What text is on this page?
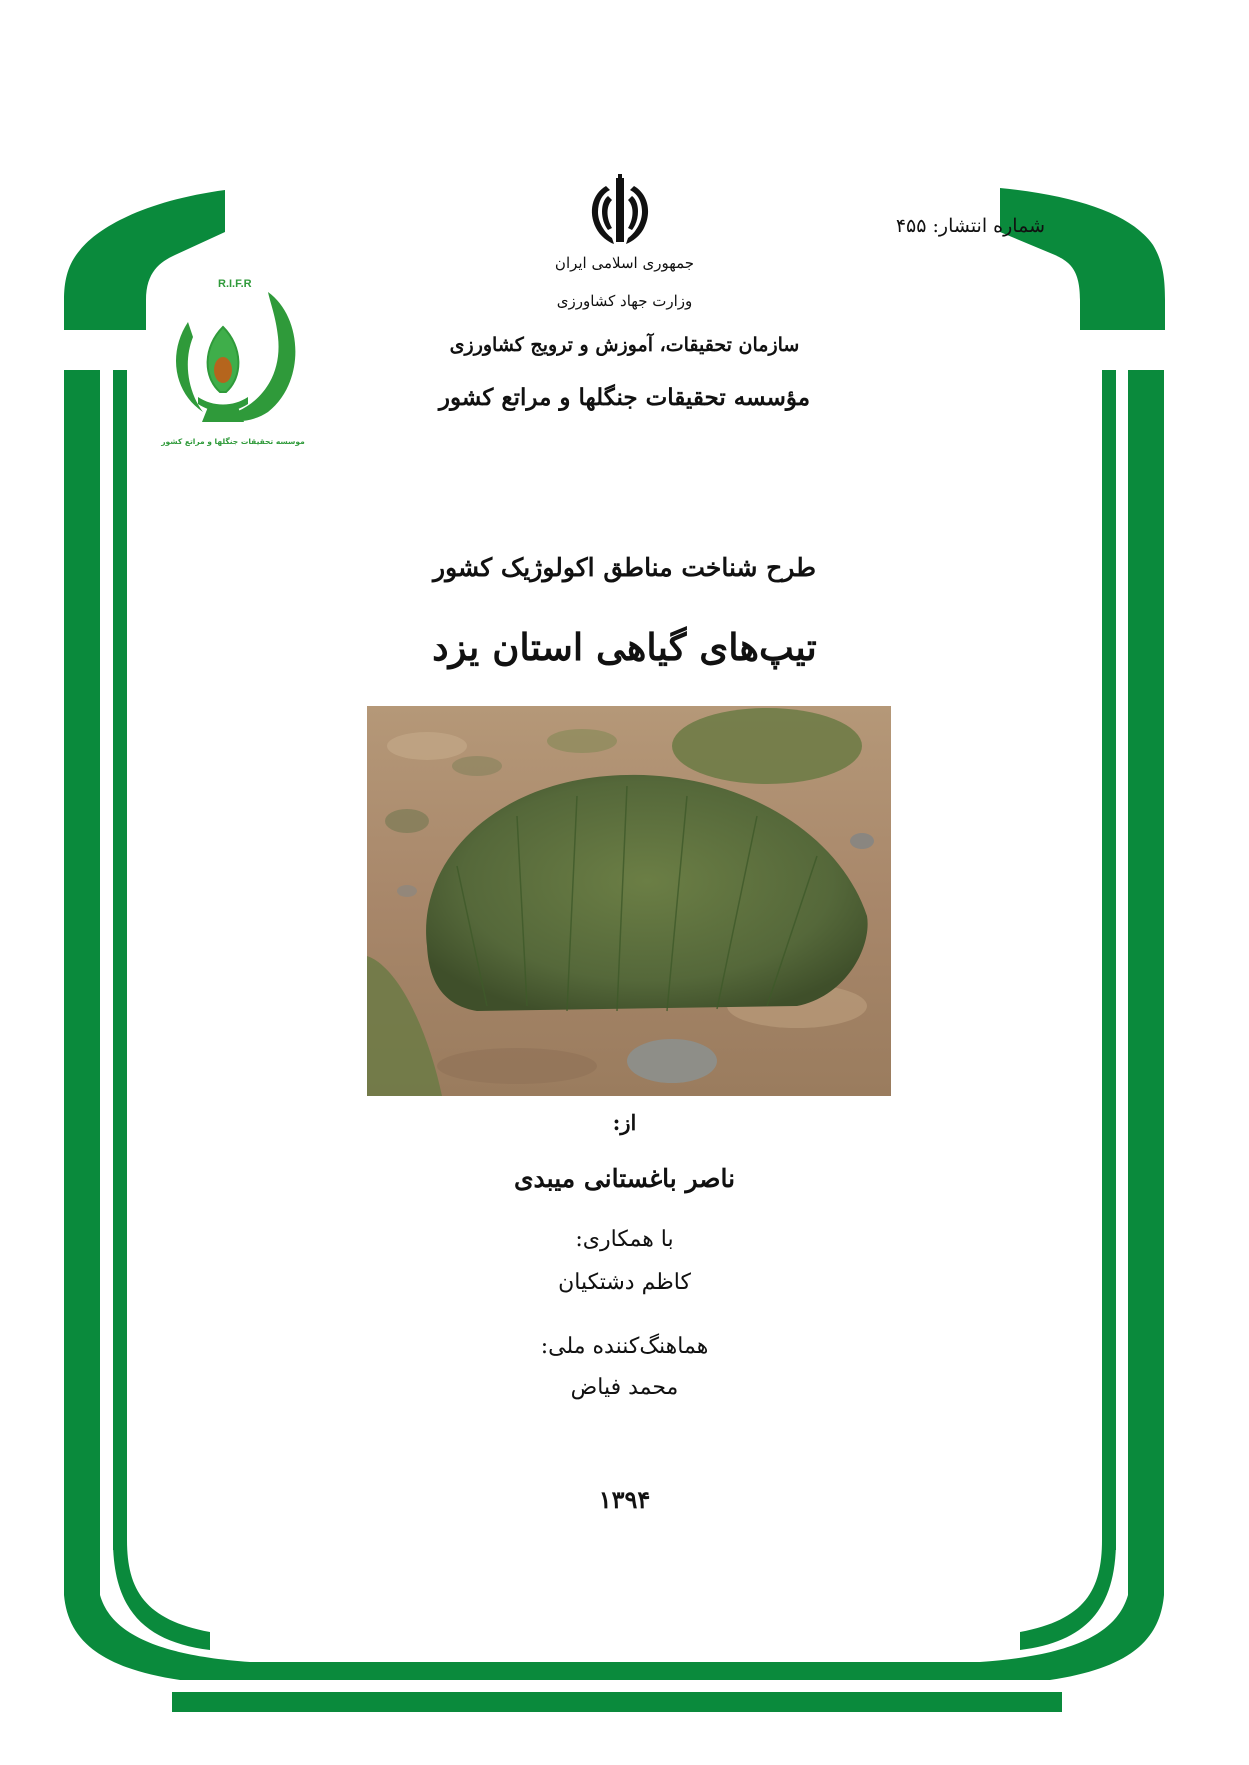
R.I.F.R
موسسه تحقیقات جنگلها و مراتع کشور
شماره انتشار: ۴۵۵
جمهوری اسلامی ایران
وزارت جهاد کشاورزی
سازمان تحقیقات، آموزش و ترویج کشاورزی
مؤسسه تحقیقات جنگلها و مراتع کشور
طرح شناخت مناطق اکولوژیک کشور
تیپ‌های گیاهی استان یزد
از:
ناصر باغستانی میبدی
با همکاری:
کاظم دشتکیان
هماهنگ‌کننده ملی:
محمد فیاض
۱۳۹۴
